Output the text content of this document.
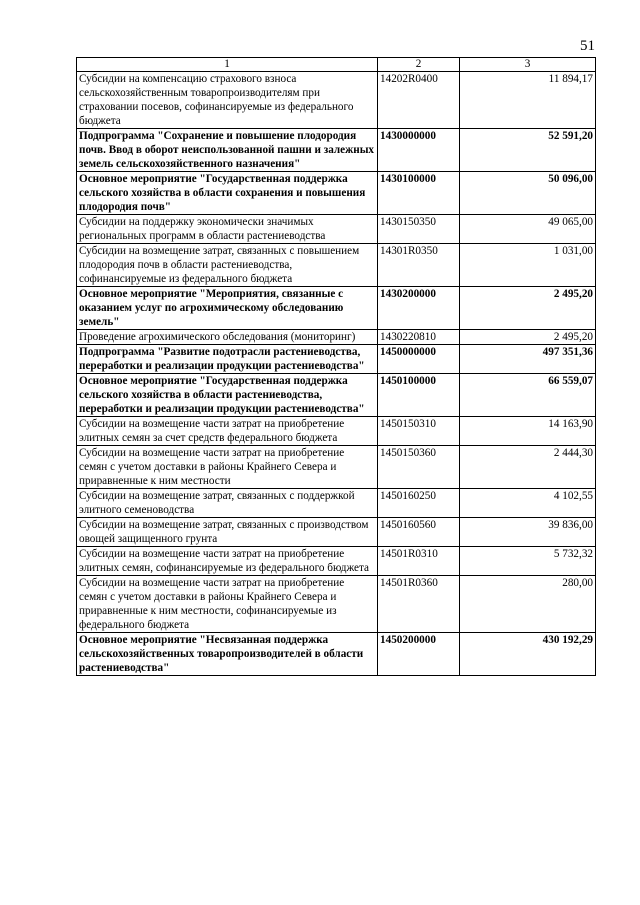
51
1	2	3
Субсидии на компенсацию страхового взноса сельскохозяйственным товаропроизводителям при страховании посевов, софинансируемые из федерального бюджета	14202R0400	11 894,17
Подпрограмма "Сохранение и повышение плодородия почв. Ввод в оборот неиспользованной пашни и залежных земель сельскохозяйственного назначения"	1430000000	52 591,20
Основное мероприятие "Государственная поддержка сельского хозяйства в области сохранения и повышения плодородия почв"	1430100000	50 096,00
Субсидии на поддержку экономически значимых региональных программ в области растениеводства	1430150350	49 065,00
Субсидии на возмещение затрат, связанных с повышением плодородия почв в области растениеводства, софинансируемые из федерального бюджета	14301R0350	1 031,00
Основное мероприятие "Мероприятия, связанные с оказанием услуг по агрохимическому обследованию земель"	1430200000	2 495,20
Проведение агрохимического обследования (мониторинг)	1430220810	2 495,20
Подпрограмма "Развитие подотрасли растениеводства, переработки и реализации продукции растениеводства"	1450000000	497 351,36
Основное мероприятие "Государственная поддержка сельского хозяйства в области растениеводства, переработки и реализации продукции растениеводства"	1450100000	66 559,07
Субсидии на возмещение части затрат на приобретение элитных семян за счет средств федерального бюджета	1450150310	14 163,90
Субсидии на возмещение части затрат на приобретение семян с учетом доставки в районы Крайнего Севера и приравненные к ним местности	1450150360	2 444,30
Субсидии на возмещение затрат, связанных с поддержкой элитного семеноводства	1450160250	4 102,55
Субсидии на возмещение затрат, связанных с производством овощей защищенного грунта	1450160560	39 836,00
Субсидии на возмещение части затрат на приобретение элитных семян, софинансируемые из федерального бюджета	14501R0310	5 732,32
Субсидии на возмещение части затрат на приобретение семян с учетом доставки в районы Крайнего Севера и приравненные к ним местности, софинансируемые из федерального бюджета	14501R0360	280,00
Основное мероприятие "Несвязанная поддержка сельскохозяйственных товаропроизводителей в области растениеводства"	1450200000	430 192,29
